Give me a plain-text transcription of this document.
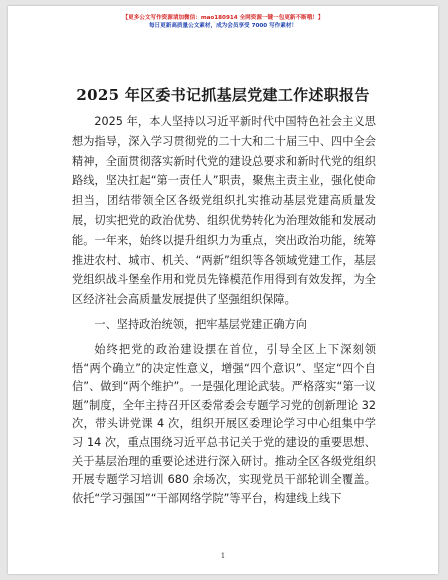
【更多公文写作资源请加微信：mao180914 全网资源一键一包更新不断哦！】
每日更新高质量公文素材，成为会员享受 7000 写作素材！
2025 年区委书记抓基层党建工作述职报告

2025 年，本人坚持以习近平新时代中国特色社会主义思想为指导，深入学习贯彻党的二十大和二十届三中、四中全会精神，全面贯彻落实新时代党的建设总要求和新时代党的组织路线，坚决扛起“第一责任人”职责，聚焦主责主业，强化使命担当，团结带领全区各级党组织扎实推动基层党建高质量发展，切实把党的政治优势、组织优势转化为治理效能和发展动能。一年来，始终以提升组织力为重点，突出政治功能，统筹推进农村、城市、机关、“两新”组织等各领域党建工作，基层党组织战斗堡垒作用和党员先锋模范作用得到有效发挥，为全区经济社会高质量发展提供了坚强组织保障。

一、坚持政治统领，把牢基层党建正确方向

始终把党的政治建设摆在首位，引导全区上下深刻领悟“两个确立”的决定性意义，增强“四个意识”、坚定“四个自信”、做到“两个维护”。一是强化理论武装。严格落实“第一议题”制度，全年主持召开区委常委会专题学习党的创新理论 32 次，带头讲党课 4 次，组织开展区委理论学习中心组集中学习 14 次，重点围绕习近平总书记关于党的建设的重要思想、关于基层治理的重要论述进行深入研讨。推动全区各级党组织开展专题学习培训 680 余场次，实现党员干部轮训全覆盖。依托“学习强国”“干部网络学院”等平台，构建线上线下

1
